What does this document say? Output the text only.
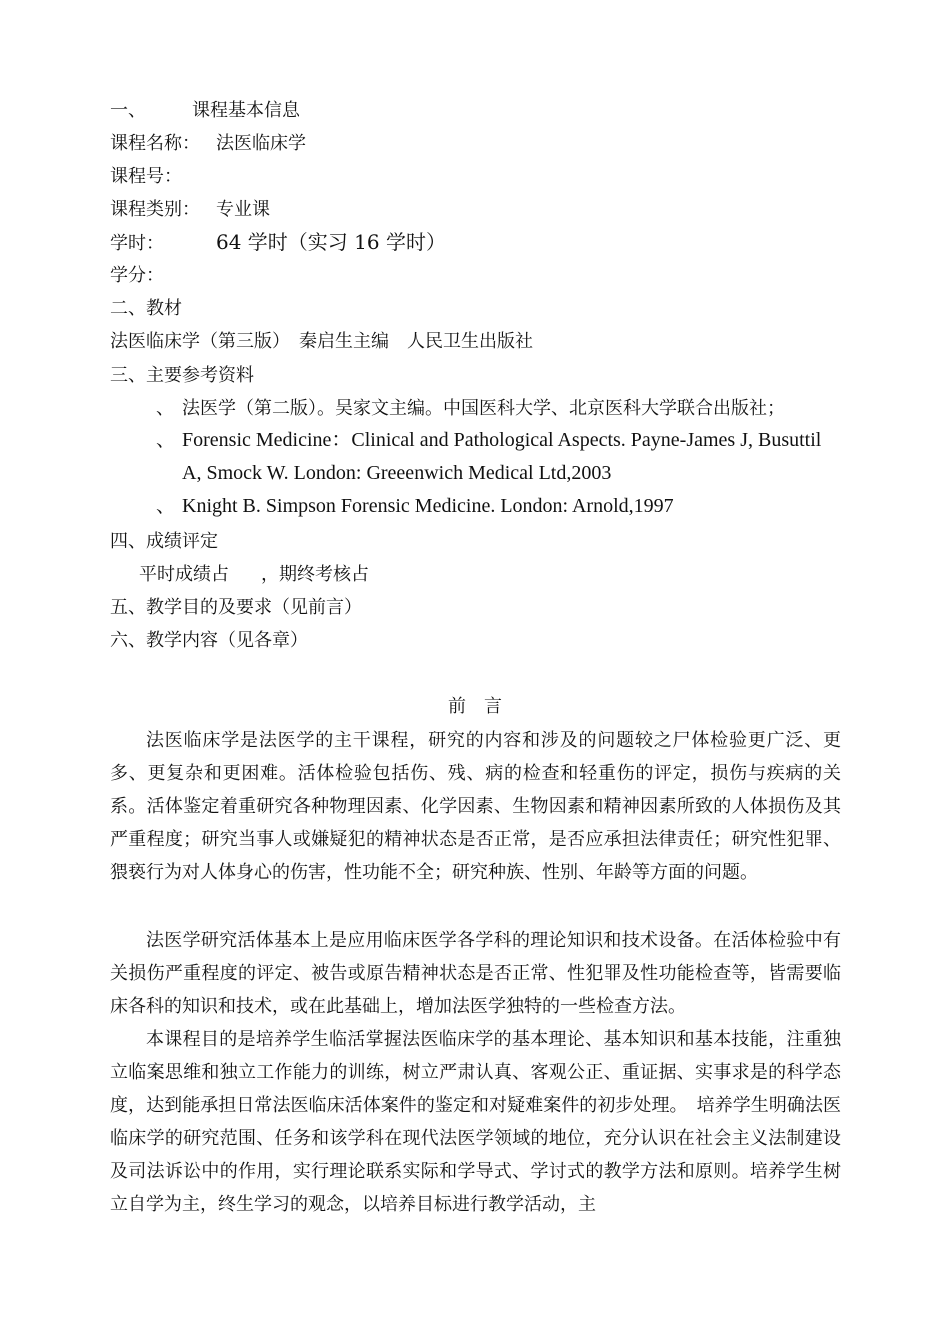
一、	课程基本信息
课程名称： 法医临床学
课程号：
课程类别： 专业课
学时：	64 学时（实习 16 学时）
学分：
二、教材
法医临床学（第三版）　秦启生主编　人民卫生出版社
三、主要参考资料
、 法医学（第二版）。吴家文主编。中国医科大学、北京医科大学联合出版社；
、 Forensic Medicine：Clinical and Pathological Aspects. Payne-James J, Busuttil
A, Smock W. London: Greeenwich Medical Ltd,2003
、 Knight B. Simpson Forensic Medicine. London: Arnold,1997
四、成绩评定
平时成绩占 ，期终考核占
五、教学目的及要求（见前言）
六、教学内容（见各章）
前　言

法医临床学是法医学的主干课程，研究的内容和涉及的问题较之尸体检验更广泛、更多、更复杂和更困难。活体检验包括伤、残、病的检查和轻重伤的评定，损伤与疾病的关系。活体鉴定着重研究各种物理因素、化学因素、生物因素和精神因素所致的人体损伤及其严重程度；研究当事人或嫌疑犯的精神状态是否正常，是否应承担法律责任；研究性犯罪、猥亵行为对人体身心的伤害，性功能不全；研究种族、性别、年龄等方面的问题。

法医学研究活体基本上是应用临床医学各学科的理论知识和技术设备。在活体检验中有关损伤严重程度的评定、被告或原告精神状态是否正常、性犯罪及性功能检查等，皆需要临床各科的知识和技术，或在此基础上，增加法医学独特的一些检查方法。

本课程目的是培养学生临活掌握法医临床学的基本理论、基本知识和基本技能，注重独立临案思维和独立工作能力的训练，树立严肃认真、客观公正、重证据、实事求是的科学态度，达到能承担日常法医临床活体案件的鉴定和对疑难案件的初步处理。　培养学生明确法医临床学的研究范围、任务和该学科在现代法医学领域的地位，充分认识在社会主义法制建设及司法诉讼中的作用，实行理论联系实际和学导式、学讨式的教学方法和原则。培养学生树立自学为主，终生学习的观念，以培养目标进行教学活动，主
